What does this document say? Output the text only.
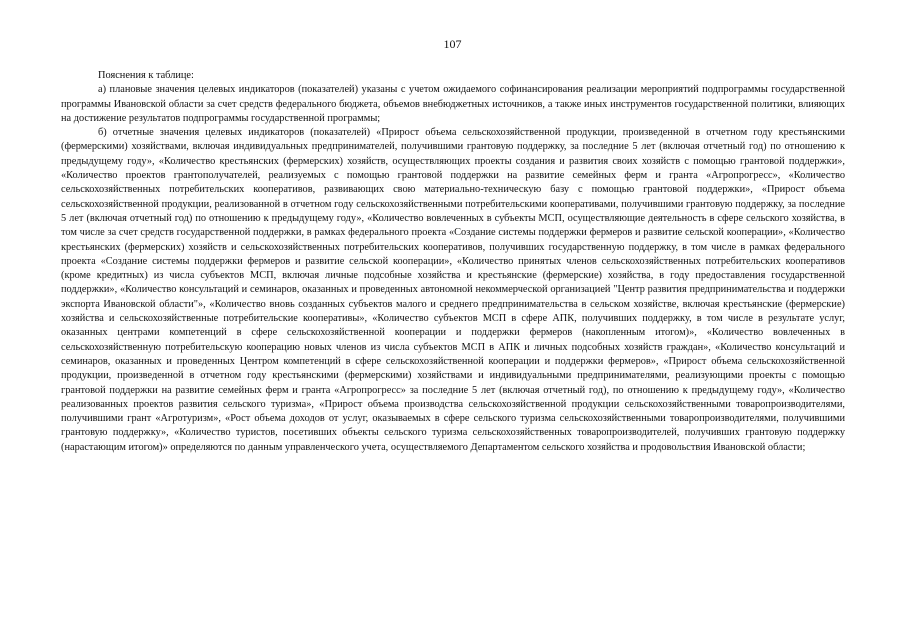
107

Пояснения к таблице:

а) плановые значения целевых индикаторов (показателей) указаны с учетом ожидаемого софинансирования реализации мероприятий подпрограммы государственной программы Ивановской области за счет средств федерального бюджета, объемов внебюджетных источников, а также иных инструментов государственной политики, влияющих на достижение результатов подпрограммы государственной программы;

б) отчетные значения целевых индикаторов (показателей) «Прирост объема сельскохозяйственной продукции, произведенной в отчетном году крестьянскими (фермерскими) хозяйствами, включая индивидуальных предпринимателей, получившими грантовую поддержку, за последние 5 лет (включая отчетный год) по отношению к предыдущему году», «Количество крестьянских (фермерских) хозяйств, осуществляющих проекты создания и развития своих хозяйств с помощью грантовой поддержки», «Количество проектов грантополучателей, реализуемых с помощью грантовой поддержки на развитие семейных ферм и гранта «Агропрогресс», «Количество сельскохозяйственных потребительских кооперативов, развивающих свою материально-техническую базу с помощью грантовой поддержки», «Прирост объема сельскохозяйственной продукции, реализованной в отчетном году сельскохозяйственными потребительскими кооперативами, получившими грантовую поддержку, за последние 5 лет (включая отчетный год) по отношению к предыдущему году», «Количество вовлеченных в субъекты МСП, осуществляющие деятельность в сфере сельского хозяйства, в том числе за счет средств государственной поддержки, в рамках федерального проекта «Создание системы поддержки фермеров и развитие сельской кооперации», «Количество крестьянских (фермерских) хозяйств и сельскохозяйственных потребительских кооперативов, получивших государственную поддержку, в том числе в рамках федерального проекта «Создание системы поддержки фермеров и развитие сельской кооперации», «Количество принятых членов сельскохозяйственных потребительских кооперативов (кроме кредитных) из числа субъектов МСП, включая личные подсобные хозяйства и крестьянские (фермерские) хозяйства, в году предоставления государственной поддержки», «Количество консультаций и семинаров, оказанных и проведенных автономной некоммерческой организацией "Центр развития предпринимательства и поддержки экспорта Ивановской области"», «Количество вновь созданных субъектов малого и среднего предпринимательства в сельском хозяйстве, включая крестьянские (фермерские) хозяйства и сельскохозяйственные потребительские кооперативы», «Количество субъектов МСП в сфере АПК, получивших поддержку, в том числе в результате услуг, оказанных центрами компетенций в сфере сельскохозяйственной кооперации и поддержки фермеров (накопленным итогом)», «Количество вовлеченных в сельскохозяйственную потребительскую кооперацию новых членов из числа субъектов МСП в АПК и личных подсобных хозяйств граждан», «Количество консультаций и семинаров, оказанных и проведенных Центром компетенций в сфере сельскохозяйственной кооперации и поддержки фермеров», «Прирост объема сельскохозяйственной продукции, произведенной в отчетном году крестьянскими (фермерскими) хозяйствами и индивидуальными предпринимателями, реализующими проекты с помощью грантовой поддержки на развитие семейных ферм и гранта «Агропрогресс» за последние 5 лет (включая отчетный год), по отношению к предыдущему году», «Количество реализованных проектов развития сельского туризма», «Прирост объема производства сельскохозяйственной продукции сельскохозяйственными товаропроизводителями, получившими грант «Агротуризм», «Рост объема доходов от услуг, оказываемых в сфере сельского туризма сельскохозяйственными товаропроизводителями, получившими грантовую поддержку», «Количество туристов, посетивших объекты сельского туризма сельскохозяйственных товаропроизводителей, получивших грантовую поддержку (нарастающим итогом)» определяются по данным управленческого учета, осуществляемого Департаментом сельского хозяйства и продовольствия Ивановской области;
